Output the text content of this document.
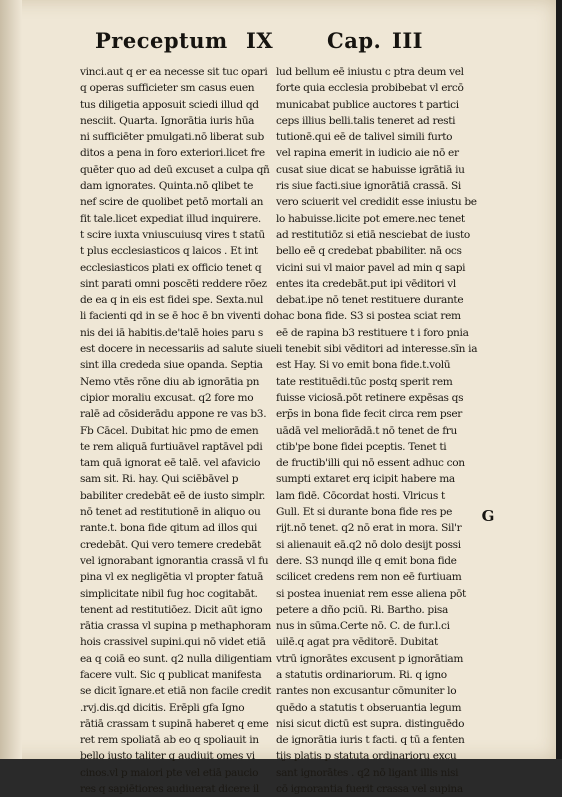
Preceptum IX	Cap. III
vinci.aut q er ea necesse sit tuc opari
q operas sufficieter sm casus euen
tus diligetia apposuit sciedi illud qd
nesciit. Quarta. Ignorātia iuris hūa
ni sufficiēter pmulgati.nō liberat sub
ditos a pena in foro exteriori.licet fre
quēter quo ad deū excuset a culpa qñ
dam ignorates. Quinta.nō qlibet te
nef scire de quolibet petō mortali an
fit tale.licet expediat illud inquirere.
t scire iuxta vniuscuiusq vires t statū
t plus ecclesiasticos q laicos . Et int
ecclesiasticos plati ex officio tenet q
sint parati omni poscēti reddere rōez
de ea q in eis est fidei spe. Sexta.nul
li facienti qd in se ē hoc ē bn viventi do
nis dei iā habitis.de'talē hoies paru s
est docere in necessariis ad salute siue
sint illa crededa siue opanda. Septia
Nemo vtēs rōne diu ab ignorātia pn
cipior moraliu excusat. q2 fore mo
ralē ad cōsiderādu appone re vas b3.
Fb Cācel. Dubitat hic pmo de emen
te rem aliquā furtiuāvel raptāvel pdi
tam quā ignorat eē talē. vel afavicio
sam sit. Ri. hay. Qui sciēbāvel p
babiliter credebāt eē de iusto simplr.
nō tenet ad restitutionē in aliquo ou
rante.t. bona fide qitum ad illos qui
credebāt. Qui vero temere credebāt
vel ignorabant ignorantia crassā vl fu
pina vl ex negligētia vl propter fatuā
simplicitate nibil fug hoc cogitabāt.
tenent ad restitutiōez. Dicit aūt igno
rātia crassa vl supina p methaphoram
hois crassivel supini.qui nō videt etiā
ea q coiā eo sunt. q2 nulla diligentiam
facere vult. Sic q publicat manifesta
se dicit īgnare.et etiā non facile credit
.rvj.dis.qd dicitis. Erēpli gfa Igno
rātiā crassam t supinā haberet q eme
ret rem spoliatā ab eo q spoliauit in
bello iusto taliter q audiuit omes vi
cinos.vl p maiori pte vel etiā paucio
res q sapiētiores audiuerat dicere il
lud bellum eē iniustu c ptra deum vel
forte quia ecclesia probibebat vl ercō
municabat publice auctores t partici
ceps illius belli.talis teneret ad resti
tutionē.qui eē de talivel simili furto
vel rapina emerit in iudicio aie nō er
cusat siue dicat se habuisse igrātiā iu
ris siue facti.siue ignorātiā crassā. Si
vero sciuerit vel credidit esse iniustu be
lo habuisse.licite pot emere.nec tenet
ad restitutiōz si etiā nesciebat de iusto
bello eē q credebat pbabiliter. nā ocs
vicini sui vl maior pavel ad min q sapi
entes ita credebāt.put ipi vēditori vl
debat.ipe nō tenet restituere durante
hac bona fide. S3 si postea sciat rem
eē de rapina b3 restituere t i foro pnia
li tenebit sibi vēditori ad interesse.sīn ia
est Hay. Si vo emit bona fide.t.volū
tate restituēdi.tūc postq sperit rem
fuisse viciosā.pōt retinere expēsas qs
erp̄s in bona fide fecit circa rem pser
uādā vel meliorādā.t nō tenet de fru
ctib'pe bone fidei pceptis. Tenet ti
de fructib'illi qui nō essent adhuc con
sumpti extaret erq icipit habere ma
lam fidē. Cōcordat hosti. Vlricus t
Gull. Et si durante bona fide res pe
rijt.nō tenet. q2 nō erat in mora. Sil'r
si alienauit eā.q2 nō dolo desijt possi
dere. S3 nunqd ille q emit bona fide
scilicet credens rem non eē furtiuam
si postea inueniat rem esse aliena pōt
petere a dño pciū. Ri. Bartho. pisa
nus in sūma.Certe nō. C. de fur.l.ci
uilē.q agat pra vēditorē. Dubitat
vtrū ignorātes excusent p ignorātiam
a statutis ordinariorum. Ri. q igno
rantes non excusantur cōmuniter lo
quēdo a statutis t obseruantia legum
nisi sicut dictū est supra. distinguēdo
de ignorātia iuris t facti. q tū a fenten
tijs platis p statuta ordinarioru excu
sant ignorātes . q2 nō ligant illis nisi
cō ignorantia fuerit crassa vel supina
G
